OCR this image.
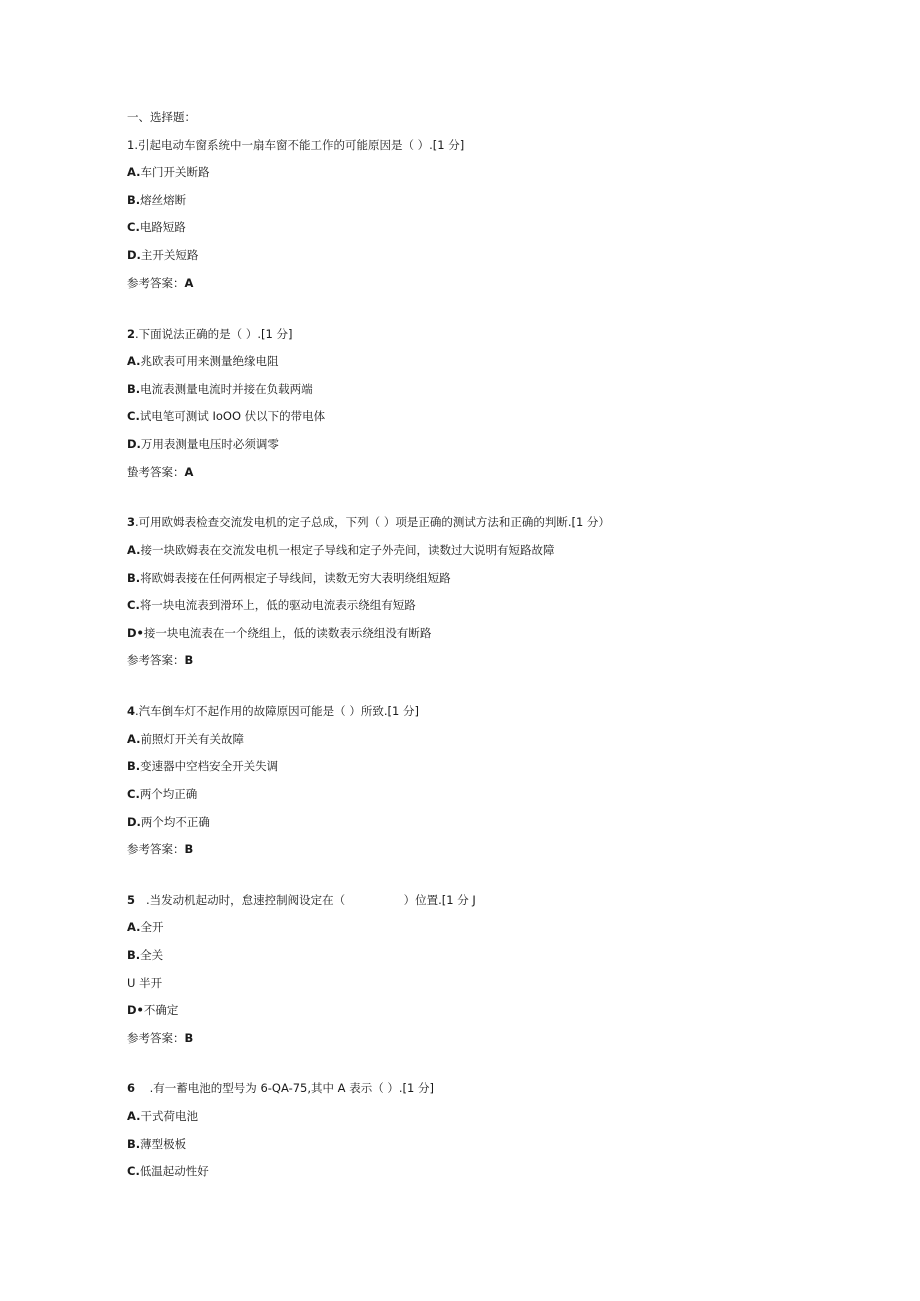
一、选择题：
1.引起电动车窗系统中一扇车窗不能工作的可能原因是（ ）.[1 分]
A.车门开关断路
B.熔丝熔断
C.电路短路
D.主开关短路
参考答案：A
2.下面说法正确的是（ ）.[1 分]
A.兆欧表可用来测量绝缘电阻
B.电流表测量电流时并接在负载两端
C.试电笔可测试 IoOO 伏以下的带电体
D.万用表测量电压时必须调零
蛰考答案：A
3.可用欧姆表检查交流发电机的定子总成，下列（ ）项是正确的测试方法和正确的判断.[1 分）
A.接一块欧姆表在交流发电机一根定子导线和定子外壳间，读数过大说明有短路故障
B.将欧姆表接在任何两根定子导线间，读数无穷大表明绕组短路
C.将一块电流表到滑环上，低的驱动电流表示绕组有短路
D•接一块电流表在一个绕组上，低的读数表示绕组没有断路
参考答案：B
4.汽车倒车灯不起作用的故障原因可能是（ ）所致.[1 分]
A.前照灯开关有关故障
B.变速器中空档安全开关失调
C.两个均正确
D.两个均不正确
参考答案：B
5   .当发动机起动时，怠速控制阀设定在（                ）位置.[1 分 J
A.全开
B.全关
U 半开
D•不确定
参考答案：B
6    .有一蓄电池的型号为 6-QA-75,其中 A 表示（ ）.[1 分]
A.干式荷电池
B.薄型极板
C.低温起动性好
